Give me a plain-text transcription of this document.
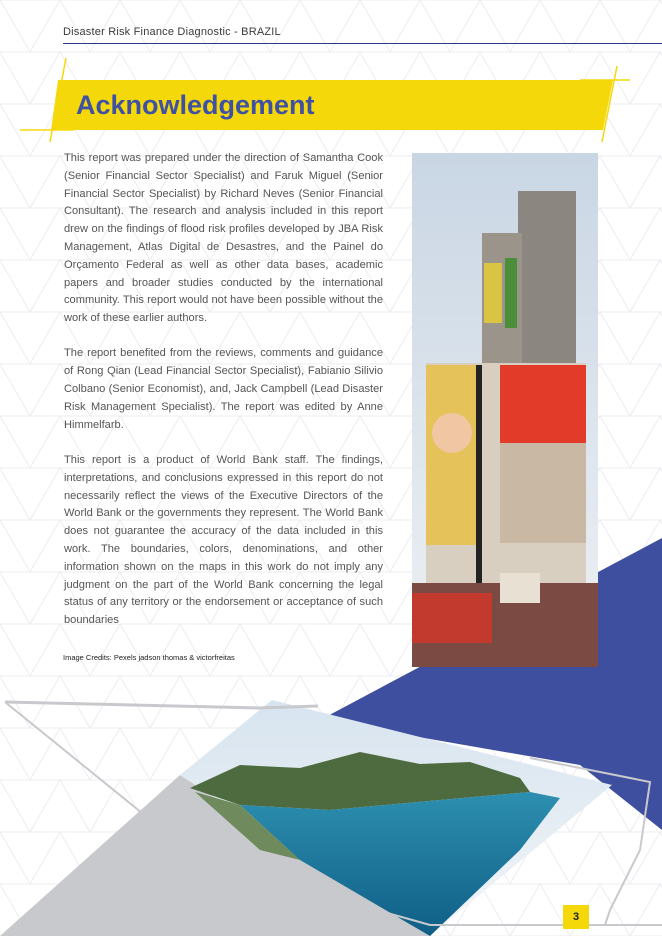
Disaster Risk Finance Diagnostic - BRAZIL
Acknowledgement

This report was prepared under the direction of Samantha Cook (Senior Financial Sector Specialist) and Faruk Miguel (Senior Financial Sector Specialist) by Richard Neves (Senior Financial Consultant). The research and analysis included in this report drew on the findings of flood risk profiles developed by JBA Risk Management, Atlas Digital de Desastres, and the Painel do Orçamento Federal as well as other data bases, academic papers and broader studies conducted by the international community. This report would not have been possible without the work of these earlier authors.

The report benefited from the reviews, comments and guidance of Rong Qian (Lead Financial Sector Specialist), Fabianio Silivio Colbano (Senior Economist), and, Jack Campbell (Lead Disaster Risk Management Specialist). The report was edited by Anne Himmelfarb.

This report is a product of World Bank staff. The findings, interpretations, and conclusions expressed in this report do not necessarily reflect the views of the Executive Directors of the World Bank or the governments they represent. The World Bank does not guarantee the accuracy of the data included in this work. The boundaries, colors, denominations, and other information shown on the maps in this work do not imply any judgment on the part of the World Bank concerning the legal status of any territory or the endorsement or acceptance of such boundaries

Image Credits: Pexels jadson thomas & victorfreitas
3
